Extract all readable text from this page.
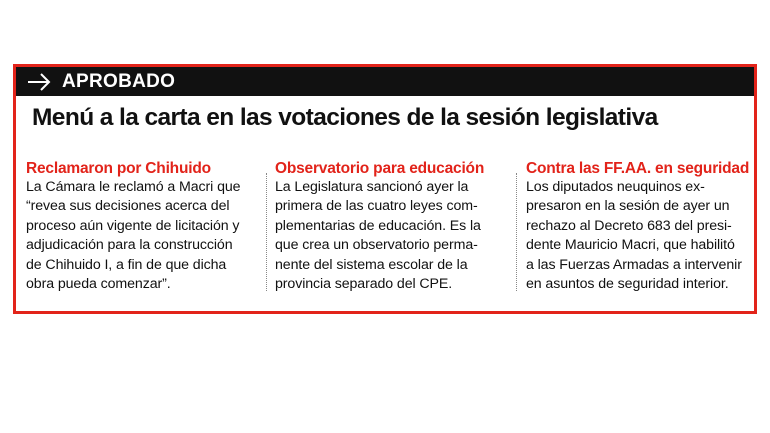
APROBADO
Menú a la carta en las votaciones de la sesión legislativa
Reclamaron por Chihuido
La Cámara le reclamó a Macri que
“revea sus decisiones acerca del
proceso aún vigente de licitación y
adjudicación para la construcción
de Chihuido I, a fin de que dicha
obra pueda comenzar”.
Observatorio para educación
La Legislatura sancionó ayer la
primera de las cuatro leyes com-
plementarias de educación. Es la
que crea un observatorio perma-
nente del sistema escolar de la
provincia separado del CPE.
Contra las FF.AA. en seguridad
Los diputados neuquinos ex-
presaron en la sesión de ayer un
rechazo al Decreto 683 del presi-
dente Mauricio Macri, que habilitó
a las Fuerzas Armadas a intervenir
en asuntos de seguridad interior.
